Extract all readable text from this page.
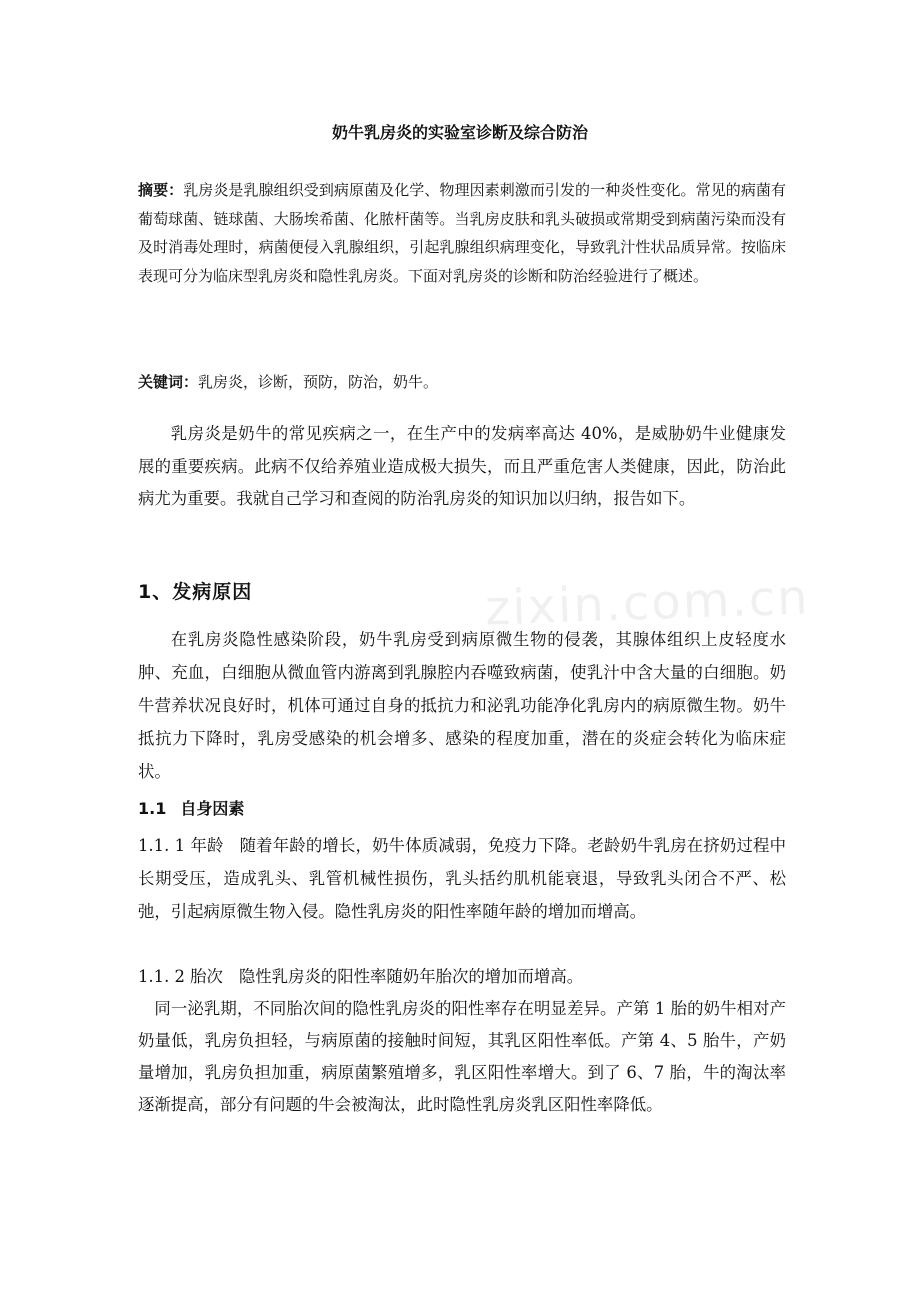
zixin.com.cn
奶牛乳房炎的实验室诊断及综合防治

摘要：乳房炎是乳腺组织受到病原菌及化学、物理因素刺激而引发的一种炎性变化。常见的病菌有葡萄球菌、链球菌、大肠埃希菌、化脓杆菌等。当乳房皮肤和乳头破损或常期受到病菌污染而没有及时消毒处理时，病菌便侵入乳腺组织，引起乳腺组织病理变化，导致乳汁性状品质异常。按临床表现可分为临床型乳房炎和隐性乳房炎。下面对乳房炎的诊断和防治经验进行了概述。

关键词：乳房炎，诊断，预防，防治，奶牛。

乳房炎是奶牛的常见疾病之一，在生产中的发病率高达 40%，是威胁奶牛业健康发展的重要疾病。此病不仅给养殖业造成极大损失，而且严重危害人类健康，因此，防治此病尤为重要。我就自己学习和查阅的防治乳房炎的知识加以归纳，报告如下。

1、发病原因

在乳房炎隐性感染阶段，奶牛乳房受到病原微生物的侵袭，其腺体组织上皮轻度水肿、充血，白细胞从微血管内游离到乳腺腔内吞噬致病菌，使乳汁中含大量的白细胞。奶牛营养状况良好时，机体可通过自身的抵抗力和泌乳功能净化乳房内的病原微生物。奶牛抵抗力下降时，乳房受感染的机会增多、感染的程度加重，潜在的炎症会转化为临床症状。

1.1 自身因素

1.1. 1 年龄 随着年龄的增长，奶牛体质减弱，免疫力下降。老龄奶牛乳房在挤奶过程中长期受压，造成乳头、乳管机械性损伤，乳头括约肌机能衰退，导致乳头闭合不严、松弛，引起病原微生物入侵。隐性乳房炎的阳性率随年龄的增加而增高。

1.1. 2 胎次 隐性乳房炎的阳性率随奶年胎次的增加而增高。

同一泌乳期，不同胎次间的隐性乳房炎的阳性率存在明显差异。产第 1 胎的奶牛相对产奶量低，乳房负担轻，与病原菌的接触时间短，其乳区阳性率低。产第 4、5 胎牛，产奶量增加，乳房负担加重，病原菌繁殖增多，乳区阳性率增大。到了 6、7 胎，牛的淘汰率逐渐提高，部分有问题的牛会被淘汰，此时隐性乳房炎乳区阳性率降低。
